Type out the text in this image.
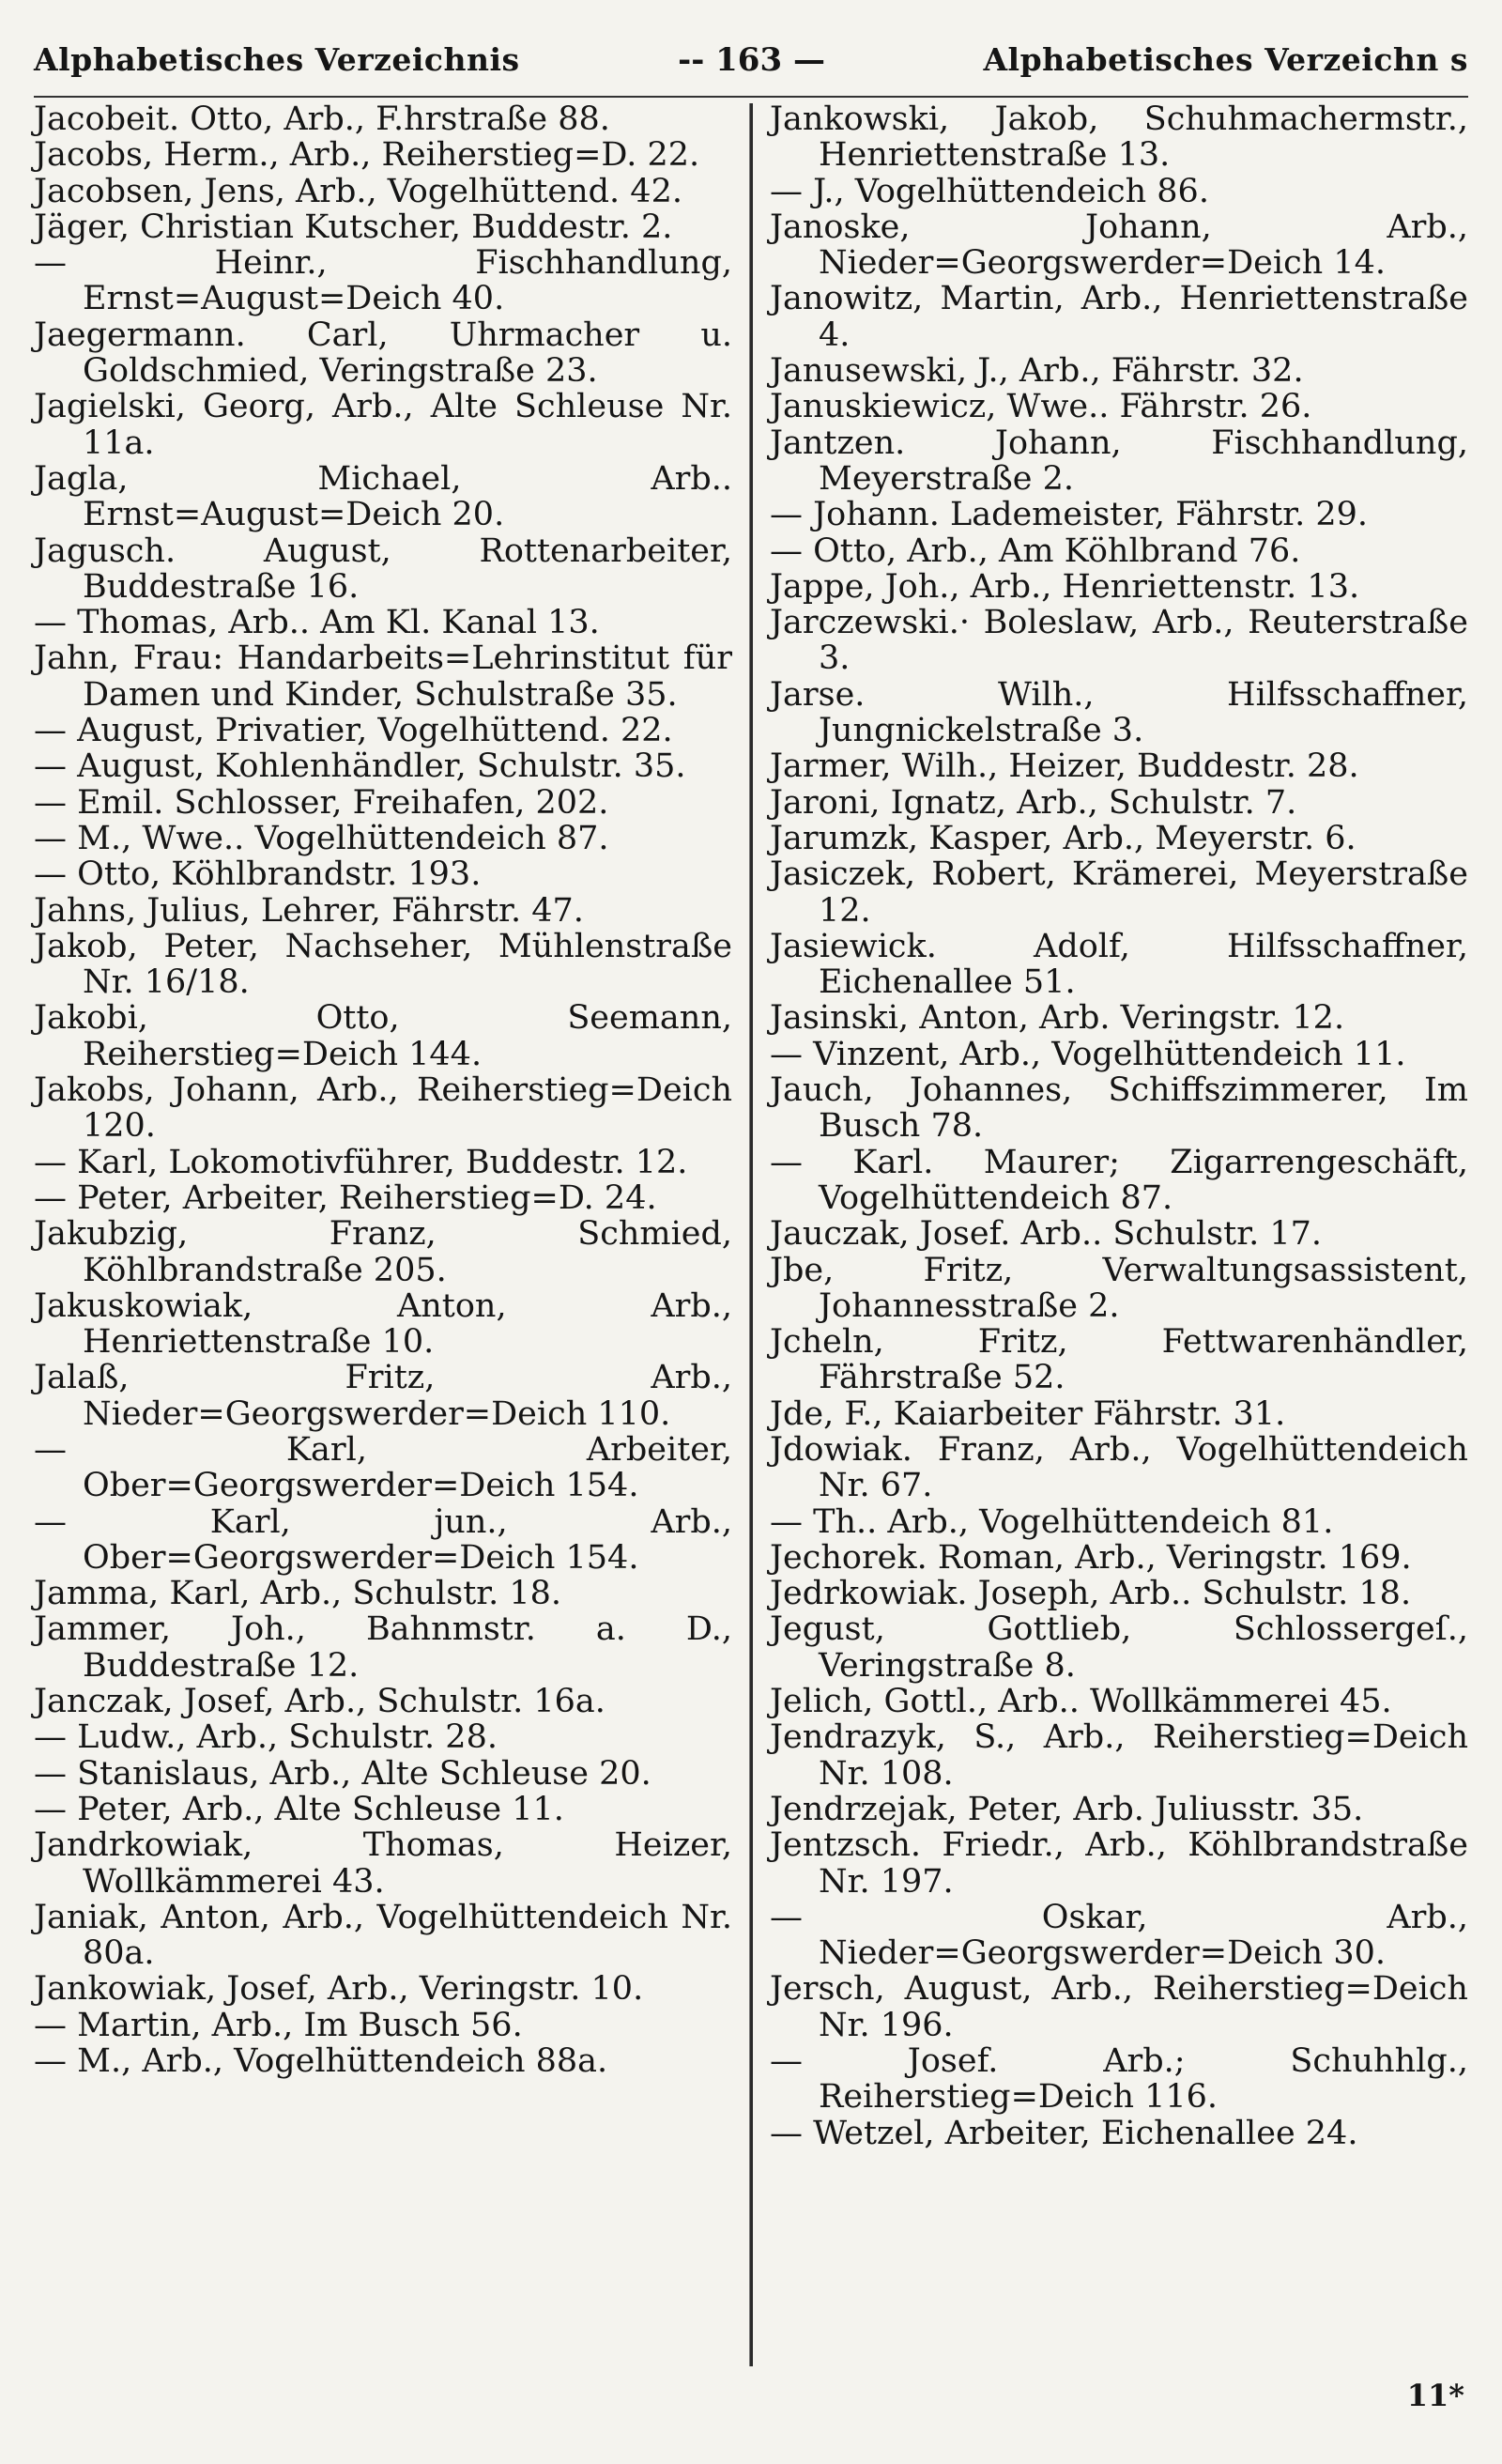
Alphabetisches Verzeichnis	-- 163 —	Alphabetisches Verzeichn s
Jacobeit. Otto, Arb., F.hrstraße 88.
Jacobs, Herm., Arb., Reiherstieg=D. 22.
Jacobsen, Jens, Arb., Vogelhüttend. 42.
Jäger, Christian Kutscher, Buddestr. 2.
— Heinr., Fischhandlung, Ernst=August=Deich 40.
Jaegermann. Carl, Uhrmacher u. Goldschmied, Veringstraße 23.
Jagielski, Georg, Arb., Alte Schleuse Nr. 11a.
Jagla, Michael, Arb.. Ernst=August=Deich 20.
Jagusch. August, Rottenarbeiter, Buddestraße 16.
— Thomas, Arb.. Am Kl. Kanal 13.
Jahn, Frau: Handarbeits=Lehrinstitut für Damen und Kinder, Schulstraße 35.
— August, Privatier, Vogelhüttend. 22.
— August, Kohlenhändler, Schulstr. 35.
— Emil. Schlosser, Freihafen, 202.
— M., Wwe.. Vogelhüttendeich 87.
— Otto, Köhlbrandstr. 193.
Jahns, Julius, Lehrer, Fährstr. 47.
Jakob, Peter, Nachseher, Mühlenstraße Nr. 16/18.
Jakobi, Otto, Seemann, Reiherstieg=Deich 144.
Jakobs, Johann, Arb., Reiherstieg=Deich 120.
— Karl, Lokomotivführer, Buddestr. 12.
— Peter, Arbeiter, Reiherstieg=D. 24.
Jakubzig, Franz, Schmied, Köhlbrandstraße 205.
Jakuskowiak, Anton, Arb., Henriettenstraße 10.
Jalaß, Fritz, Arb., Nieder=Georgswerder=Deich 110.
— Karl, Arbeiter, Ober=Georgswerder=Deich 154.
— Karl, jun., Arb., Ober=Georgswerder=Deich 154.
Jamma, Karl, Arb., Schulstr. 18.
Jammer, Joh., Bahnmstr. a. D., Buddestraße 12.
Janczak, Josef, Arb., Schulstr. 16a.
— Ludw., Arb., Schulstr. 28.
— Stanislaus, Arb., Alte Schleuse 20.
— Peter, Arb., Alte Schleuse 11.
Jandrkowiak, Thomas, Heizer, Wollkämmerei 43.
Janiak, Anton, Arb., Vogelhüttendeich Nr. 80a.
Jankowiak, Josef, Arb., Veringstr. 10.
— Martin, Arb., Im Busch 56.
— M., Arb., Vogelhüttendeich 88a.
Jankowski, Jakob, Schuhmachermstr., Henriettenstraße 13.
— J., Vogelhüttendeich 86.
Janoske, Johann, Arb., Nieder=Georgswerder=Deich 14.
Janowitz, Martin, Arb., Henriettenstraße 4.
Janusewski, J., Arb., Fährstr. 32.
Januskiewicz, Wwe.. Fährstr. 26.
Jantzen. Johann, Fischhandlung, Meyerstraße 2.
— Johann. Lademeister, Fährstr. 29.
— Otto, Arb., Am Köhlbrand 76.
Jappe, Joh., Arb., Henriettenstr. 13.
Jarczewski.· Boleslaw, Arb., Reuterstraße 3.
Jarse. Wilh., Hilfsschaffner, Jungnickelstraße 3.
Jarmer, Wilh., Heizer, Buddestr. 28.
Jaroni, Ignatz, Arb., Schulstr. 7.
Jarumzk, Kasper, Arb., Meyerstr. 6.
Jasiczek, Robert, Krämerei, Meyerstraße 12.
Jasiewick. Adolf, Hilfsschaffner, Eichenallee 51.
Jasinski, Anton, Arb. Veringstr. 12.
— Vinzent, Arb., Vogelhüttendeich 11.
Jauch, Johannes, Schiffszimmerer, Im Busch 78.
— Karl. Maurer; Zigarrengeschäft, Vogelhüttendeich 87.
Jauczak, Josef. Arb.. Schulstr. 17.
Jbe, Fritz, Verwaltungsassistent, Johannesstraße 2.
Jcheln, Fritz, Fettwarenhändler, Fährstraße 52.
Jde, F., Kaiarbeiter Fährstr. 31.
Jdowiak. Franz, Arb., Vogelhüttendeich Nr. 67.
— Th.. Arb., Vogelhüttendeich 81.
Jechorek. Roman, Arb., Veringstr. 169.
Jedrkowiak. Joseph, Arb.. Schulstr. 18.
Jegust, Gottlieb, Schlossergeſ., Veringstraße 8.
Jelich, Gottl., Arb.. Wollkämmerei 45.
Jendrazyk, S., Arb., Reiherstieg=Deich Nr. 108.
Jendrzejak, Peter, Arb. Juliusstr. 35.
Jentzsch. Friedr., Arb., Köhlbrandstraße Nr. 197.
— Oskar, Arb., Nieder=Georgswerder=Deich 30.
Jersch, August, Arb., Reiherstieg=Deich Nr. 196.
— Josef. Arb.; Schuhhlg., Reiherstieg=Deich 116.
— Wetzel, Arbeiter, Eichenallee 24.
11*
